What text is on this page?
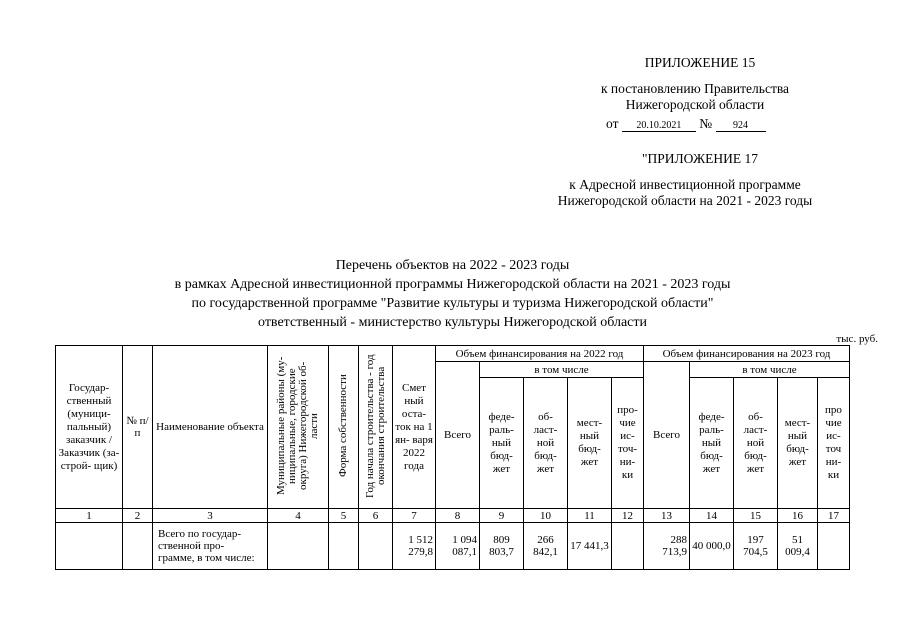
ПРИЛОЖЕНИЕ 15
к постановлению Правительства
Нижегородской области
от 20.10.2021 № 924
"ПРИЛОЖЕНИЕ 17
к Адресной инвестиционной программе
Нижегородской области на 2021 - 2023 годы
Перечень объектов на 2022 - 2023 годы
в рамках Адресной инвестиционной программы Нижегородской области на 2021 - 2023 годы
по государственной программе "Развитие культуры и туризма Нижегородской области"
ответственный - министерство культуры Нижегородской области
тыс. руб.
Государ- ственный (муници- пальный) заказчик / Заказчик (за- строй- щик)	№ п/п	Наименование объекта	Муниципальные районы (му- ниципальные, городские округа) Нижегородской об- ласти	Форма собственности	Год начала строительства - год окончания строительства	Смет ный оста- ток на 1 ян- варя 2022 года	Объем финансирования на 2022 год					Объем финансирования на 2023 год				
							Всего	в том числе				Всего	в том числе			
								феде- раль- ный бюд- жет	об- ласт- ной бюд- жет	мест- ный бюд- жет	про- чие ис- точ- ни- ки		феде- раль- ный бюд- жет	об- ласт- ной бюд- жет	мест- ный бюд- жет	про чие ис- точ ни- ки
1	2	3	4	5	6	7	8	9	10	11	12	13	14	15	16	17
		Всего по государ- ственной про- грамме, в том числе:				1 512 279,8	1 094 087,1	809 803,7	266 842,1	17 441,3		288 713,9	40 000,0	197 704,5	51 009,4	
